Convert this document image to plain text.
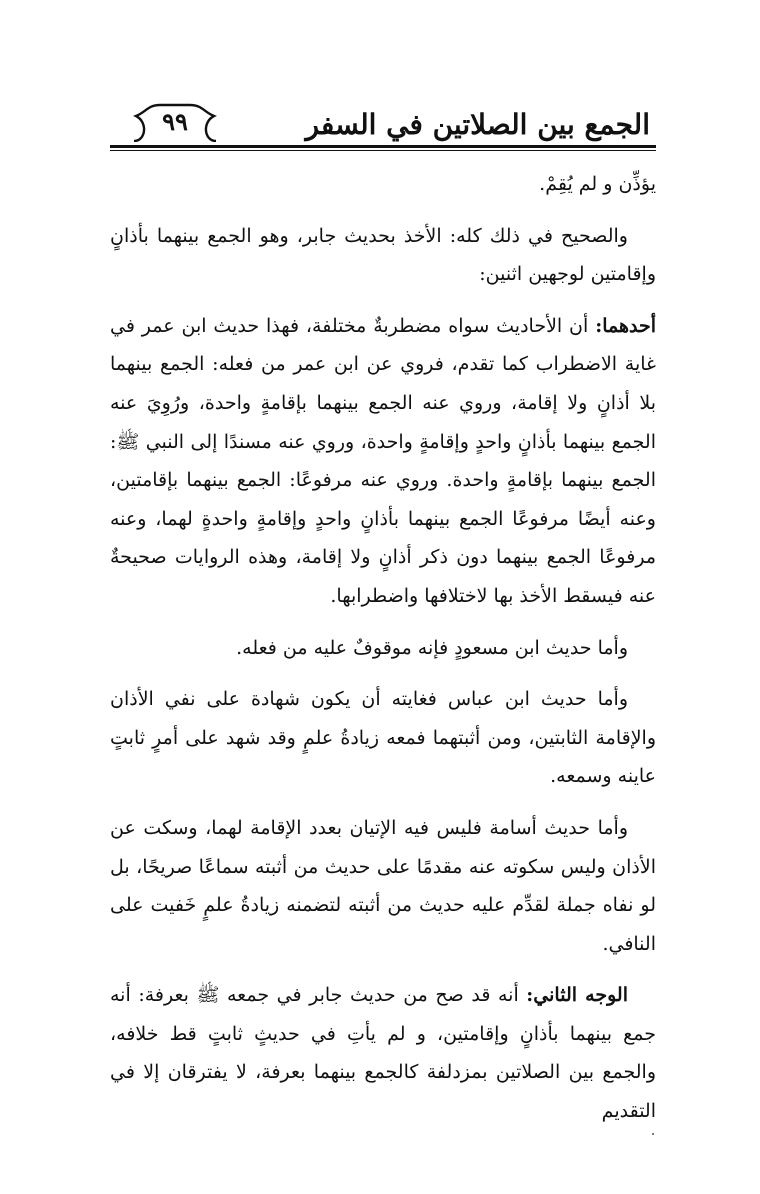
٩٩	الجمع بين الصلاتين في السفر

يؤذِّن و لم يُقِمْ.

والصحيح في ذلك كله: الأخذ بحديث جابر، وهو الجمع بينهما بأذانٍ وإقامتين لوجهين اثنين:

أحدهما: أن الأحاديث سواه مضطربةٌ مختلفة، فهذا حديث ابن عمر في غاية الاضطراب كما تقدم، فروي عن ابن عمر من فعله: الجمع بينهما بلا أذانٍ ولا إقامة، وروي عنه الجمع بينهما بإقامةٍ واحدة، ورُوِيَ عنه الجمع بينهما بأذانٍ واحدٍ وإقامةٍ واحدة، وروي عنه مسندًا إلى النبي ﷺ: الجمع بينهما بإقامةٍ واحدة. وروي عنه مرفوعًا: الجمع بينهما بإقامتين، وعنه أيضًا مرفوعًا الجمع بينهما بأذانٍ واحدٍ وإقامةٍ واحدةٍ لهما، وعنه مرفوعًا الجمع بينهما دون ذكر أذانٍ ولا إقامة، وهذه الروايات صحيحةٌ عنه فيسقط الأخذ بها لاختلافها واضطرابها.

وأما حديث ابن مسعودٍ فإنه موقوفٌ عليه من فعله.

وأما حديث ابن عباس فغايته أن يكون شهادة على نفي الأذان والإقامة الثابتين، ومن أثبتهما فمعه زيادةُ علمٍ وقد شهد على أمرٍ ثابتٍ عاينه وسمعه.

وأما حديث أسامة فليس فيه الإتيان بعدد الإقامة لهما، وسكت عن الأذان وليس سكوته عنه مقدمًا على حديث من أثبته سماعًا صريحًا، بل لو نفاه جملة لقدِّم عليه حديث من أثبته لتضمنه زيادةُ علمٍ خَفيت على النافي.

الوجه الثاني: أنه قد صح من حديث جابر في جمعه ﷺ بعرفة: أنه جمع بينهما بأذانٍ وإقامتين، و لم يأتِ في حديثٍ ثابتٍ قط خلافه، والجمع بين الصلاتين بمزدلفة كالجمع بينهما بعرفة، لا يفترقان إلا في التقديم
